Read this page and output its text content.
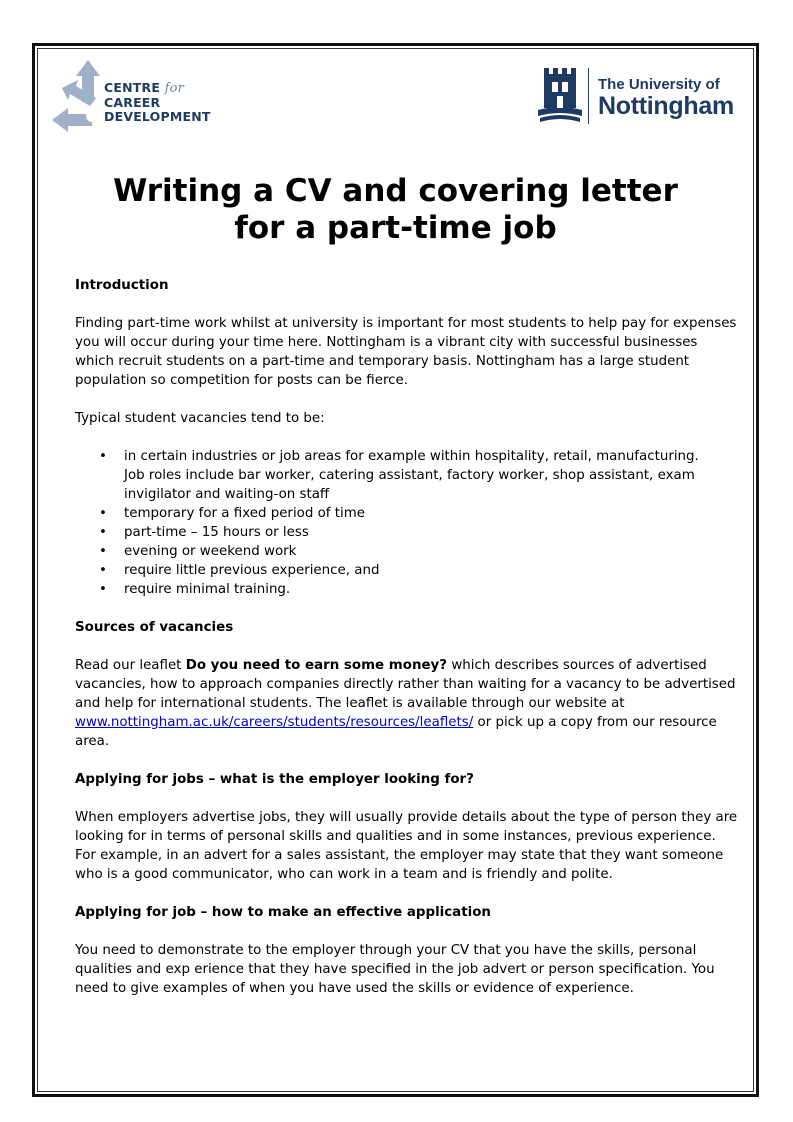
CENTRE for
CAREER
DEVELOPMENT
The University of
Nottingham
Writing a CV and covering letter
for a part-time job

Introduction

Finding part-time work whilst at university is important for most students to help pay for expenses you will occur during your time here. Nottingham is a vibrant city with successful businesses which recruit students on a part-time and temporary basis. Nottingham has a large student population so competition for posts can be fierce.

Typical student vacancies tend to be:

• in certain industries or job areas for example within hospitality, retail, manufacturing. Job roles include bar worker, catering assistant, factory worker, shop assistant, exam invigilator and waiting-on staff
• temporary for a fixed period of time
• part-time – 15 hours or less
• evening or weekend work
• require little previous experience, and
• require minimal training.

Sources of vacancies

Read our leaflet Do you need to earn some money? which describes sources of advertised vacancies, how to approach companies directly rather than waiting for a vacancy to be advertised and help for international students. The leaflet is available through our website at www.nottingham.ac.uk/careers/students/resources/leaflets/ or pick up a copy from our resource area.

Applying for jobs – what is the employer looking for?

When employers advertise jobs, they will usually provide details about the type of person they are looking for in terms of personal skills and qualities and in some instances, previous experience. For example, in an advert for a sales assistant, the employer may state that they want someone who is a good communicator, who can work in a team and is friendly and polite.

Applying for job – how to make an effective application

You need to demonstrate to the employer through your CV that you have the skills, personal qualities and exp erience that they have specified in the job advert or person specification. You need to give examples of when you have used the skills or evidence of experience.
